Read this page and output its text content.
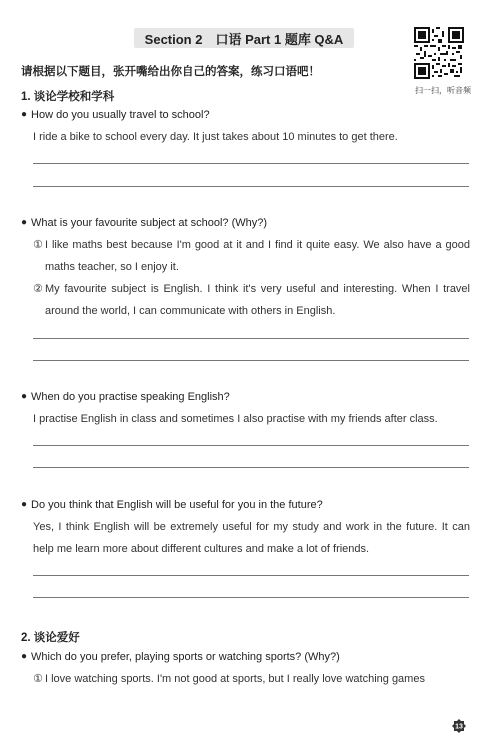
Section 2　口语 Part 1 题库 Q&A
扫一扫，听音频
请根据以下题目，张开嘴给出你自己的答案，练习口语吧！
1. 谈论学校和学科
● How do you usually travel to school?
I ride a bike to school every day. It just takes about 10 minutes to get there.
● What is your favourite subject at school? (Why?)
① I like maths best because I'm good at it and I find it quite easy. We also have a good maths teacher, so I enjoy it.
② My favourite subject is English. I think it's very useful and interesting. When I travel around the world, I can communicate with others in English.
● When do you practise speaking English?
I practise English in class and sometimes I also practise with my friends after class.
● Do you think that English will be useful for you in the future?
Yes, I think English will be extremely useful for my study and work in the future. It can help me learn more about different cultures and make a lot of friends.
2. 谈论爱好
● Which do you prefer, playing sports or watching sports? (Why?)
① I love watching sports. I'm not good at sports, but I really love watching games
13
